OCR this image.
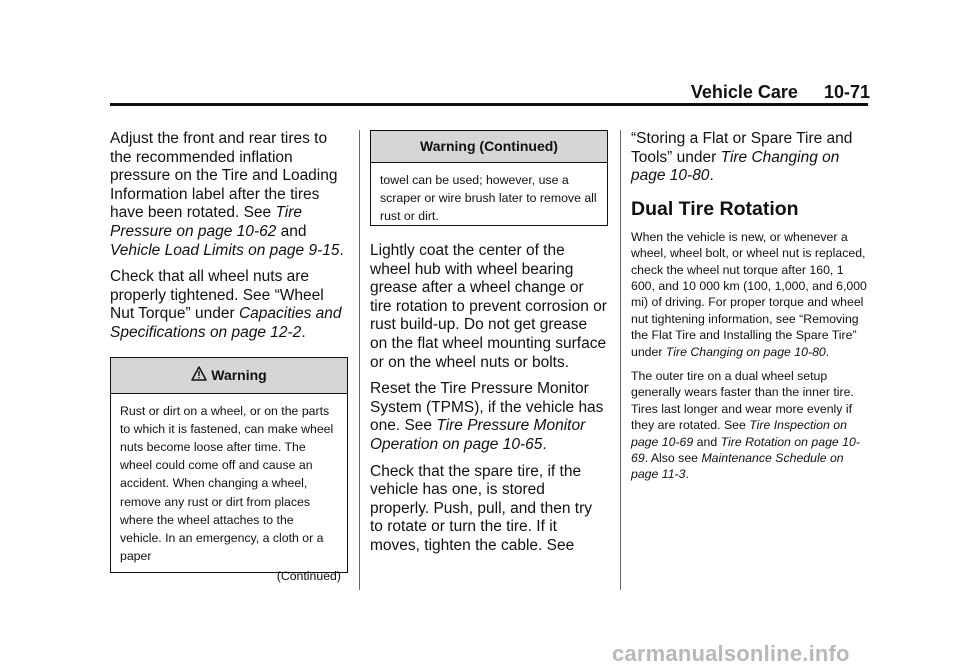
Vehicle Care 10-71

Adjust the front and rear tires to the recommended inflation pressure on the Tire and Loading Information label after the tires have been rotated. See Tire Pressure on page 10-62 and Vehicle Load Limits on page 9-15.

Check that all wheel nuts are properly tightened. See “Wheel Nut Torque” under Capacities and Specifications on page 12-2.

Warning
Rust or dirt on a wheel, or on the parts to which it is fastened, can make wheel nuts become loose after time. The wheel could come off and cause an accident. When changing a wheel, remove any rust or dirt from places where the wheel attaches to the vehicle. In an emergency, a cloth or a paper
(Continued)
Warning (Continued)
towel can be used; however, use a scraper or wire brush later to remove all rust or dirt.

Lightly coat the center of the wheel hub with wheel bearing grease after a wheel change or tire rotation to prevent corrosion or rust build-up. Do not get grease on the flat wheel mounting surface or on the wheel nuts or bolts.

Reset the Tire Pressure Monitor System (TPMS), if the vehicle has one. See Tire Pressure Monitor Operation on page 10-65.

Check that the spare tire, if the vehicle has one, is stored properly. Push, pull, and then try to rotate or turn the tire. If it moves, tighten the cable. See

“Storing a Flat or Spare Tire and Tools” under Tire Changing on page 10-80.

Dual Tire Rotation

When the vehicle is new, or whenever a wheel, wheel bolt, or wheel nut is replaced, check the wheel nut torque after 160, 1 600, and 10 000 km (100, 1,000, and 6,000 mi) of driving. For proper torque and wheel nut tightening information, see “Removing the Flat Tire and Installing the Spare Tire” under Tire Changing on page 10-80.

The outer tire on a dual wheel setup generally wears faster than the inner tire. Tires last longer and wear more evenly if they are rotated. See Tire Inspection on page 10-69 and Tire Rotation on page 10-69. Also see Maintenance Schedule on page 11-3.

carmanualsonline.info
